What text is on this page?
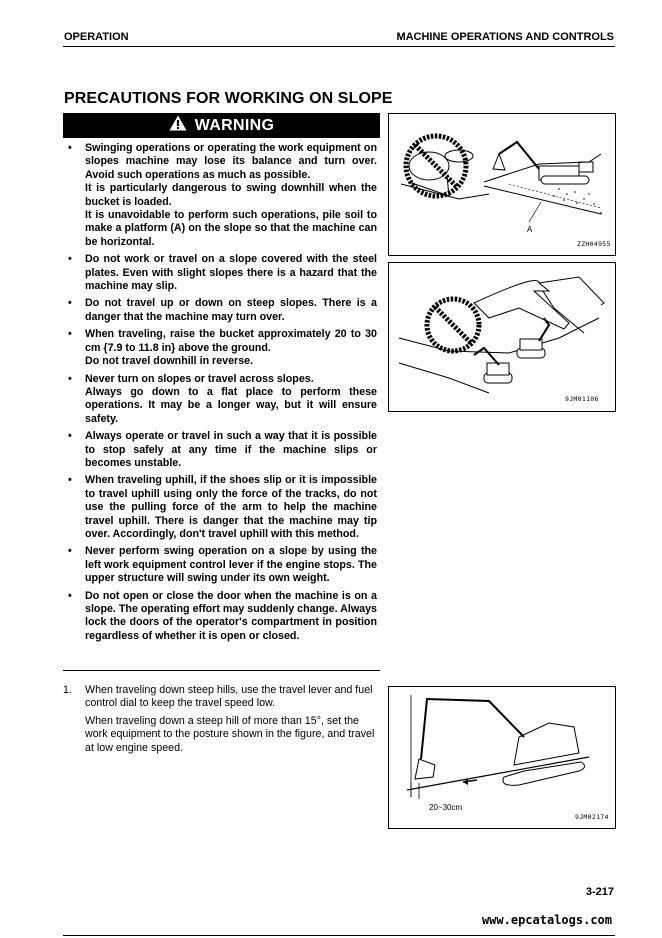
OPERATION	MACHINE OPERATIONS AND CONTROLS
PRECAUTIONS FOR WORKING ON SLOPE
WARNING
• Swinging operations or operating the work equipment on slopes machine may lose its balance and turn over. Avoid such operations as much as possible.

It is particularly dangerous to swing downhill when the bucket is loaded.

It is unavoidable to perform such operations, pile soil to make a platform (A) on the slope so that the machine can be horizontal.

• Do not work or travel on a slope covered with the steel plates. Even with slight slopes there is a hazard that the machine may slip.

• Do not travel up or down on steep slopes. There is a danger that the machine may turn over.

• When traveling, raise the bucket approximately 20 to 30 cm {7.9 to 11.8 in} above the ground.

Do not travel downhill in reverse.

• Never turn on slopes or travel across slopes.

Always go down to a flat place to perform these operations. It may be a longer way, but it will ensure safety.

• Always operate or travel in such a way that it is possible to stop safely at any time if the machine slips or becomes unstable.

• When traveling uphill, if the shoes slip or it is impossible to travel uphill using only the force of the tracks, do not use the pulling force of the arm to help the machine travel uphill. There is danger that the machine may tip over. Accordingly, don't travel uphill with this method.

• Never perform swing operation on a slope by using the left work equipment control lever if the engine stops. The upper structure will swing under its own weight.

• Do not open or close the door when the machine is on a slope. The operating effort may suddenly change. Always lock the doors of the operator's compartment in position regardless of whether it is open or closed.

1. When traveling down steep hills, use the travel lever and fuel control dial to keep the travel speed low.

When traveling down a steep hill of more than 15°, set the work equipment to the posture shown in the figure, and travel at low engine speed.

A
ZZH04955
9JM01106
20~30cm
9JM02174
3-217
www.epcatalogs.com
